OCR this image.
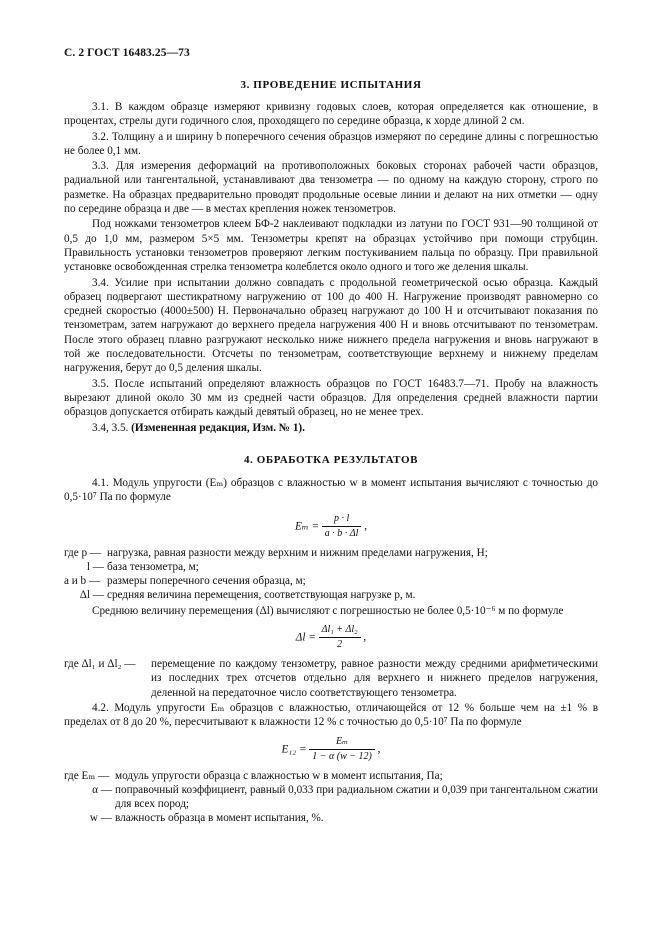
С. 2 ГОСТ 16483.25—73
3. ПРОВЕДЕНИЕ ИСПЫТАНИЯ

3.1. В каждом образце измеряют кривизну годовых слоев, которая определяется как отношение, в процентах, стрелы дуги годичного слоя, проходящего по середине образца, к хорде длиной 2 см.

3.2. Толщину a и ширину b поперечного сечения образцов измеряют по середине длины с погрешностью не более 0,1 мм.

3.3. Для измерения деформаций на противоположных боковых сторонах рабочей части образцов, радиальной или тангентальной, устанавливают два тензометра — по одному на каждую сторону, строго по разметке. На образцах предварительно проводят продольные осевые линии и делают на них отметки — одну по середине образца и две — в местах крепления ножек тензометров.

Под ножками тензометров клеем БФ-2 наклеивают подкладки из латуни по ГОСТ 931—90 толщиной от 0,5 до 1,0 мм, размером 5×5 мм. Тензометры крепят на образцах устойчиво при помощи струбцин. Правильность установки тензометров проверяют легким постукиванием пальца по образцу. При правильной установке освобожденная стрелка тензометра колеблется около одного и того же деления шкалы.

3.4. Усилие при испытании должно совпадать с продольной геометрической осью образца. Каждый образец подвергают шестикратному нагружению от 100 до 400 Н. Нагружение производят равномерно со средней скоростью (4000±500) Н. Первоначально образец нагружают до 100 Н и отсчитывают показания по тензометрам, затем нагружают до верхнего предела нагружения 400 Н и вновь отсчитывают по тензометрам. После этого образец плавно разгружают несколько ниже нижнего предела нагружения и вновь нагружают в той же последовательности. Отсчеты по тензометрам, соответствующие верхнему и нижнему пределам нагружения, берут до 0,5 деления шкалы.

3.5. После испытаний определяют влажность образцов по ГОСТ 16483.7—71. Пробу на влажность вырезают длиной около 30 мм из средней части образцов. Для определения средней влажности партии образцов допускается отбирать каждый девятый образец, но не менее трех.

3.4, 3.5. (Измененная редакция, Изм. № 1).

4. ОБРАБОТКА РЕЗУЛЬТАТОВ

4.1. Модуль упругости (Eₘ) образцов с влажностью w в момент испытания вычисляют с точностью до 0,5·10⁷ Па по формуле

$E_m = \frac{p \cdot l}{a \cdot b \cdot \Delta l}$ ,
где p — нагрузка, равная разности между верхним и нижним пределами нагружения, Н;
l — база тензометра, м;
a и b — размеры поперечного сечения образца, м;
Δl — средняя величина перемещения, соответствующая нагрузке p, м.

Среднюю величину перемещения (Δl) вычисляют с погрешностью не более 0,5·10⁻⁶ м по формуле

$\Delta l = \frac{\text{Δl₁ + Δl₂}}{2}$ ,
где Δl₁ и Δl₂ —	перемещение по каждому тензометру, равное разности между средними арифметическими из последних трех отсчетов отдельно для верхнего и нижнего пределов нагружения, деленной на передаточное число соответствующего тензометра.

4.2. Модуль упругости Eₘ образцов с влажностью, отличающейся от 12 % больше чем на ±1 % в пределах от 8 до 20 %, пересчитывают к влажности 12 % с точностью до 0,5·10⁷ Па по формуле

$E_{12} = \frac{\text{Eₘ}}{1 - \alpha (w - 12)}$ ,
где Eₘ — модуль упругости образца с влажностью w в момент испытания, Па;
α — поправочный коэффициент, равный 0,033 при радиальном сжатии и 0,039 при тангентальном сжатии для всех пород;
w — влажность образца в момент испытания, %.
